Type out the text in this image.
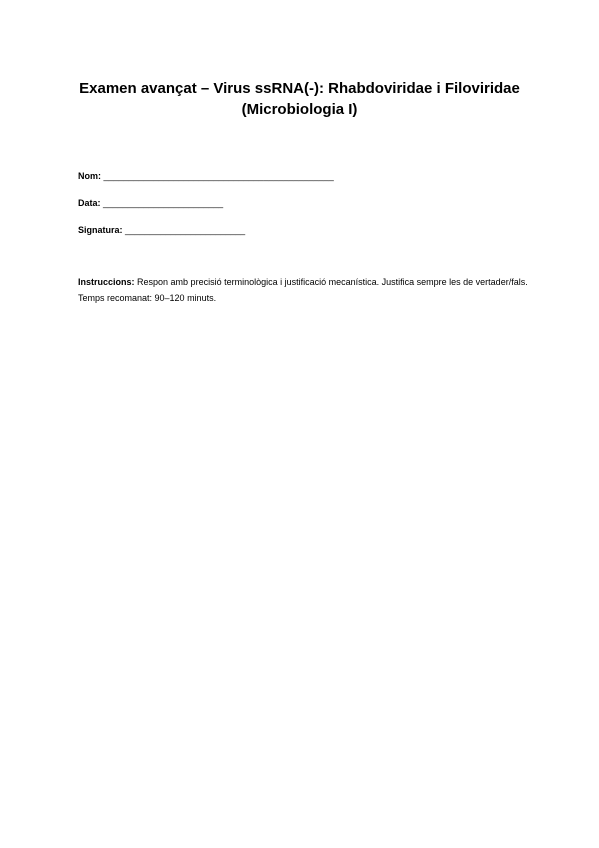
Examen avançat – Virus ssRNA(-): Rhabdoviridae i Filoviridae (Microbiologia I)
Nom: ______________________________________________
Data: ________________________
Signatura: ________________________
Instruccions: Respon amb precisió terminològica i justificació mecanística. Justifica sempre les de vertader/fals. Temps recomanat: 90–120 minuts.
